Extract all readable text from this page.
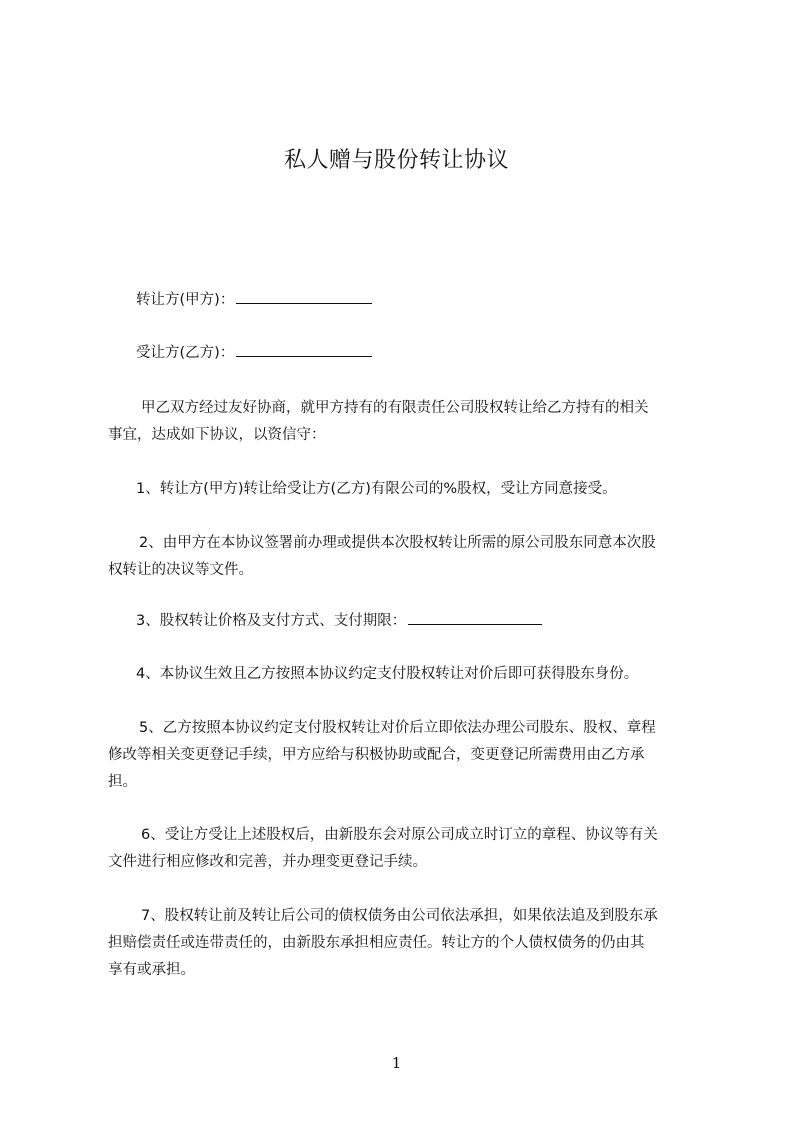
私人赠与股份转让协议
转让方(甲方)：
受让方(乙方)：
甲乙双方经过友好协商，就甲方持有的有限责任公司股权转让给乙方持有的相关
事宜，达成如下协议，以资信守：
1、转让方(甲方)转让给受让方(乙方)有限公司的%股权，受让方同意接受。
2、由甲方在本协议签署前办理或提供本次股权转让所需的原公司股东同意本次股
权转让的决议等文件。
3、股权转让价格及支付方式、支付期限：
4、本协议生效且乙方按照本协议约定支付股权转让对价后即可获得股东身份。
5、乙方按照本协议约定支付股权转让对价后立即依法办理公司股东、股权、章程
修改等相关变更登记手续，甲方应给与积极协助或配合，变更登记所需费用由乙方承
担。
6、受让方受让上述股权后，由新股东会对原公司成立时订立的章程、协议等有关
文件进行相应修改和完善，并办理变更登记手续。
7、股权转让前及转让后公司的债权债务由公司依法承担，如果依法追及到股东承
担赔偿责任或连带责任的，由新股东承担相应责任。转让方的个人债权债务的仍由其
享有或承担。
1
